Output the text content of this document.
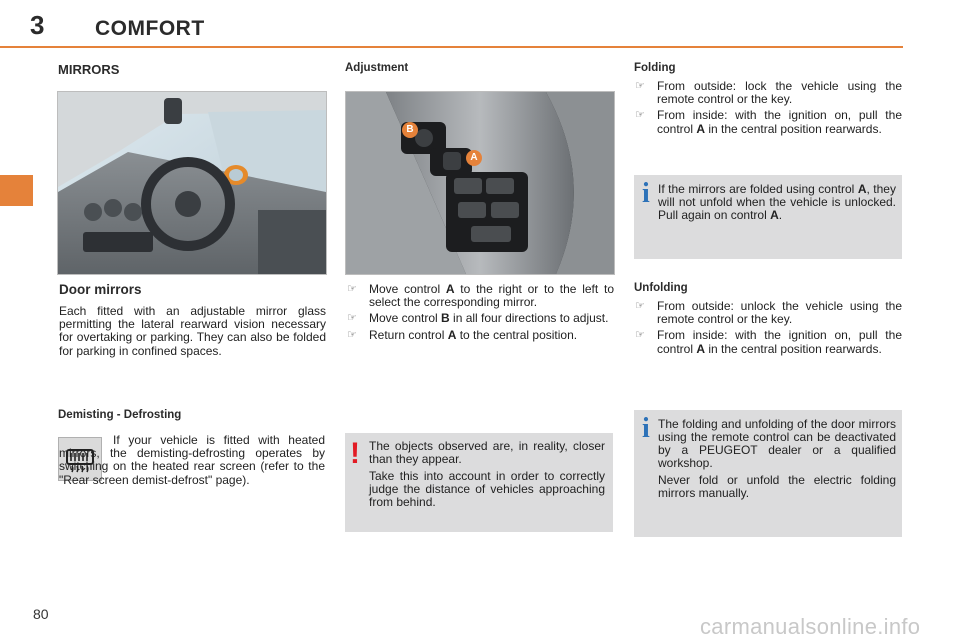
3 COMFORT
MIRRORS
Door mirrors
Each fitted with an adjustable mirror glass permitting the lateral rearward vision necessary for overtaking or parking. They can also be folded for parking in confined spaces.
Demisting - Defrosting
If your vehicle is fitted with heated mirrors, the demisting-defrosting operates by switching on the heated rear screen (refer to the "Rear screen demist-defrost" page).
Adjustment
B
A
☞ Move control A to the right or to the left to select the corresponding mirror.
☞ Move control B in all four directions to adjust.
☞ Return control A to the central position.
! The objects observed are, in reality, closer than they appear.

Take this into account in order to correctly judge the distance of vehicles approaching from behind.

Folding
☞ From outside: lock the vehicle using the remote control or the key.
☞ From inside: with the ignition on, pull the control A in the central position rearwards.
i If the mirrors are folded using control A, they will not unfold when the vehicle is unlocked. Pull again on control A.

Unfolding
☞ From outside: unlock the vehicle using the remote control or the key.
☞ From inside: with the ignition on, pull the control A in the central position rearwards.
i The folding and unfolding of the door mirrors using the remote control can be deactivated by a PEUGEOT dealer or a qualified workshop.

Never fold or unfold the electric folding mirrors manually.

80	carmanualsonline.info
